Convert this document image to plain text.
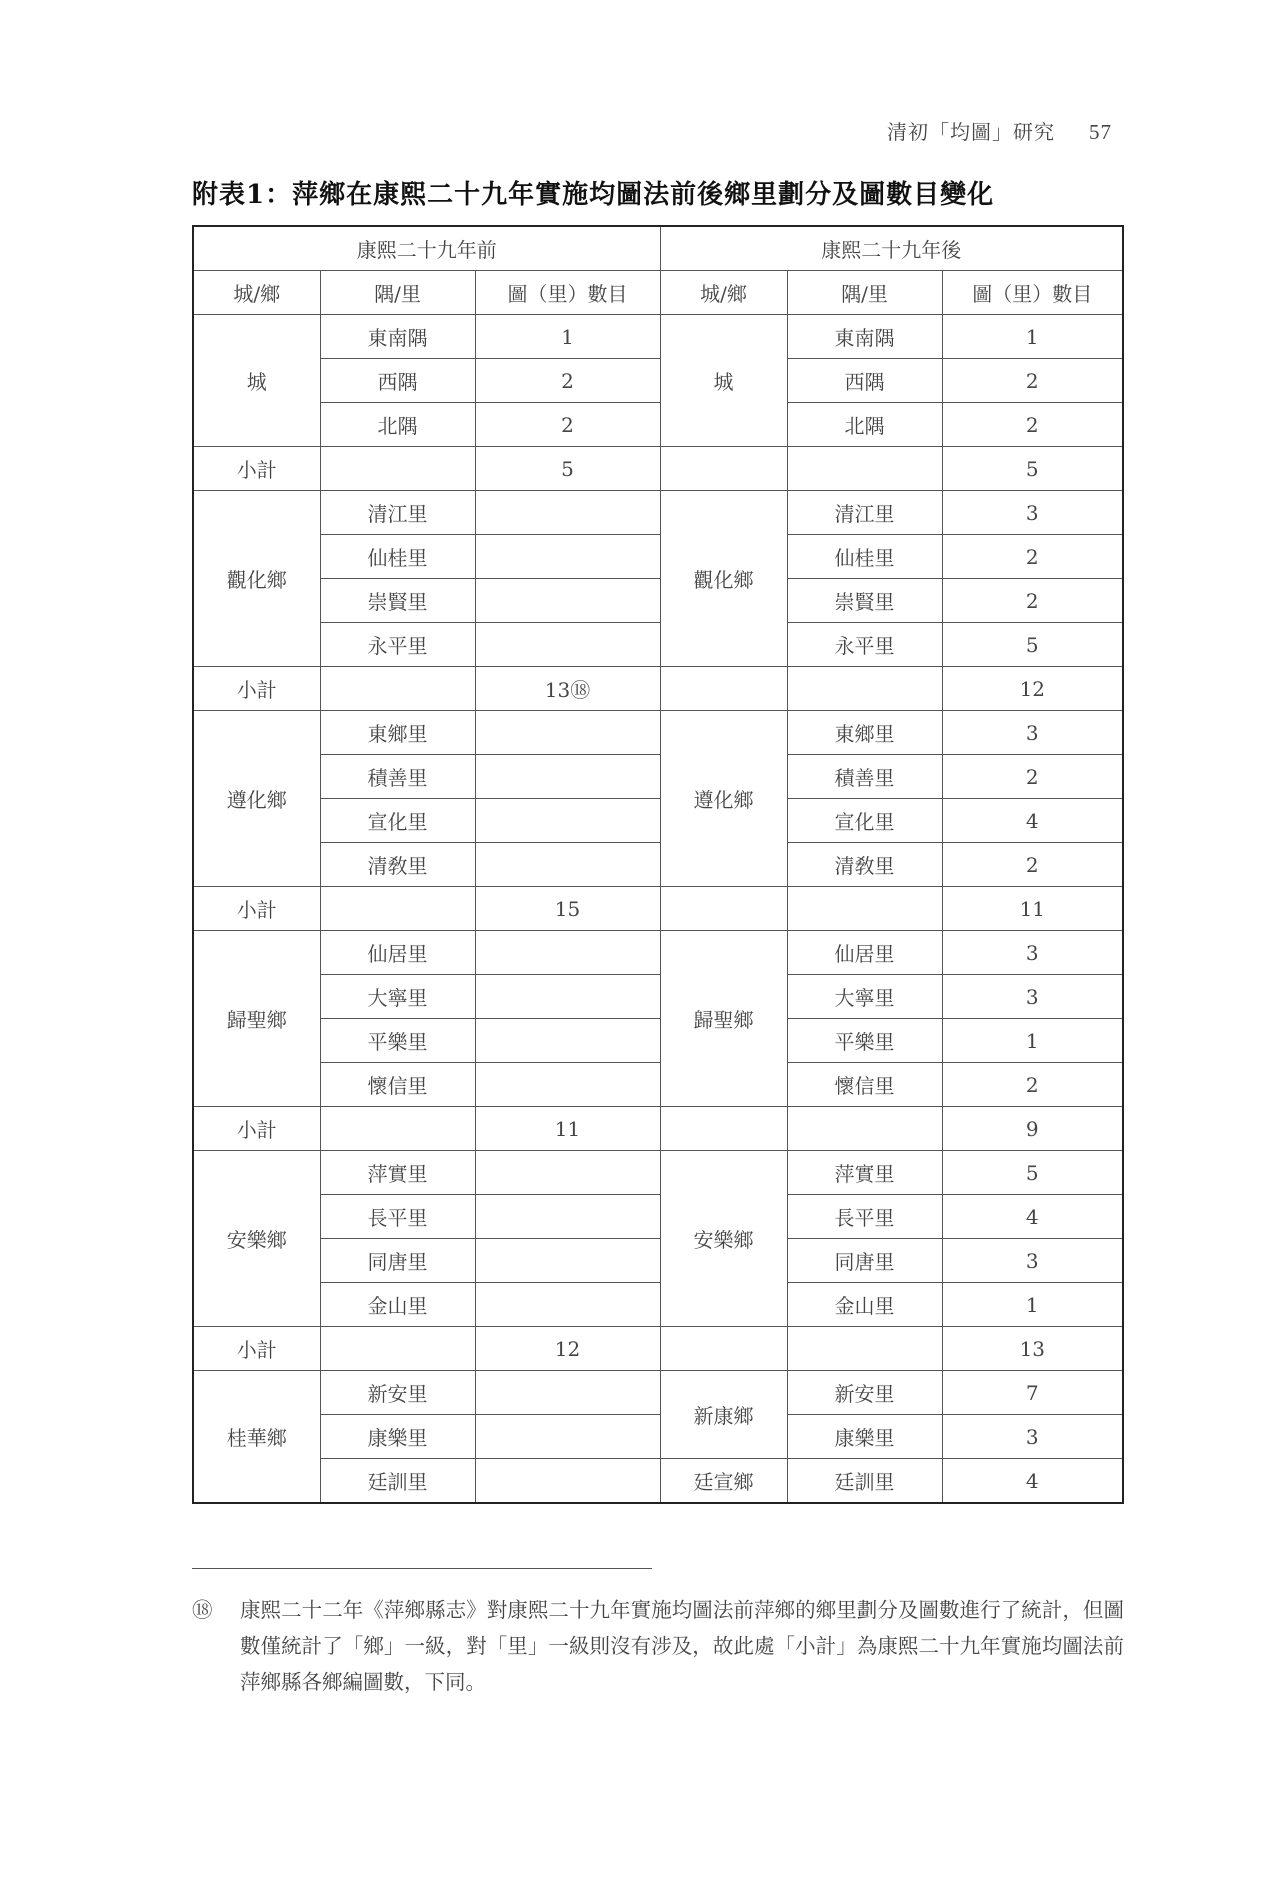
清初「均圖」研究 57
附表1：萍鄉在康熙二十九年實施均圖法前後鄉里劃分及圖數目變化
康熙二十九年前			康熙二十九年後		
城/鄉	隅/里	圖（里）數目	城/鄉	隅/里	圖（里）數目
城	東南隅	1	城	東南隅	1
	西隅	2		西隅	2
	北隅	2		北隅	2
小計		5			5
觀化鄉	清江里		觀化鄉	清江里	3
	仙桂里			仙桂里	2
	崇賢里			崇賢里	2
	永平里			永平里	5
小計		13⑱			12
遵化鄉	東鄉里		遵化鄉	東鄉里	3
	積善里			積善里	2
	宣化里			宣化里	4
	清敎里			清敎里	2
小計		15			11
歸聖鄉	仙居里		歸聖鄉	仙居里	3
	大寧里			大寧里	3
	平樂里			平樂里	1
	懷信里			懷信里	2
小計		11			9
安樂鄉	萍實里		安樂鄉	萍實里	5
	長平里			長平里	4
	同唐里			同唐里	3
	金山里			金山里	1
小計		12			13
桂華鄉	新安里		新康鄉	新安里	7
	康樂里			康樂里	3
	廷訓里		廷宣鄉	廷訓里	4
⑱ 康熙二十二年《萍鄉縣志》對康熙二十九年實施均圖法前萍鄉的鄉里劃分及圖數進行了統計，但圖數僅統計了「鄉」一級，對「里」一級則沒有涉及，故此處「小計」為康熙二十九年實施均圖法前萍鄉縣各鄉編圖數，下同。
